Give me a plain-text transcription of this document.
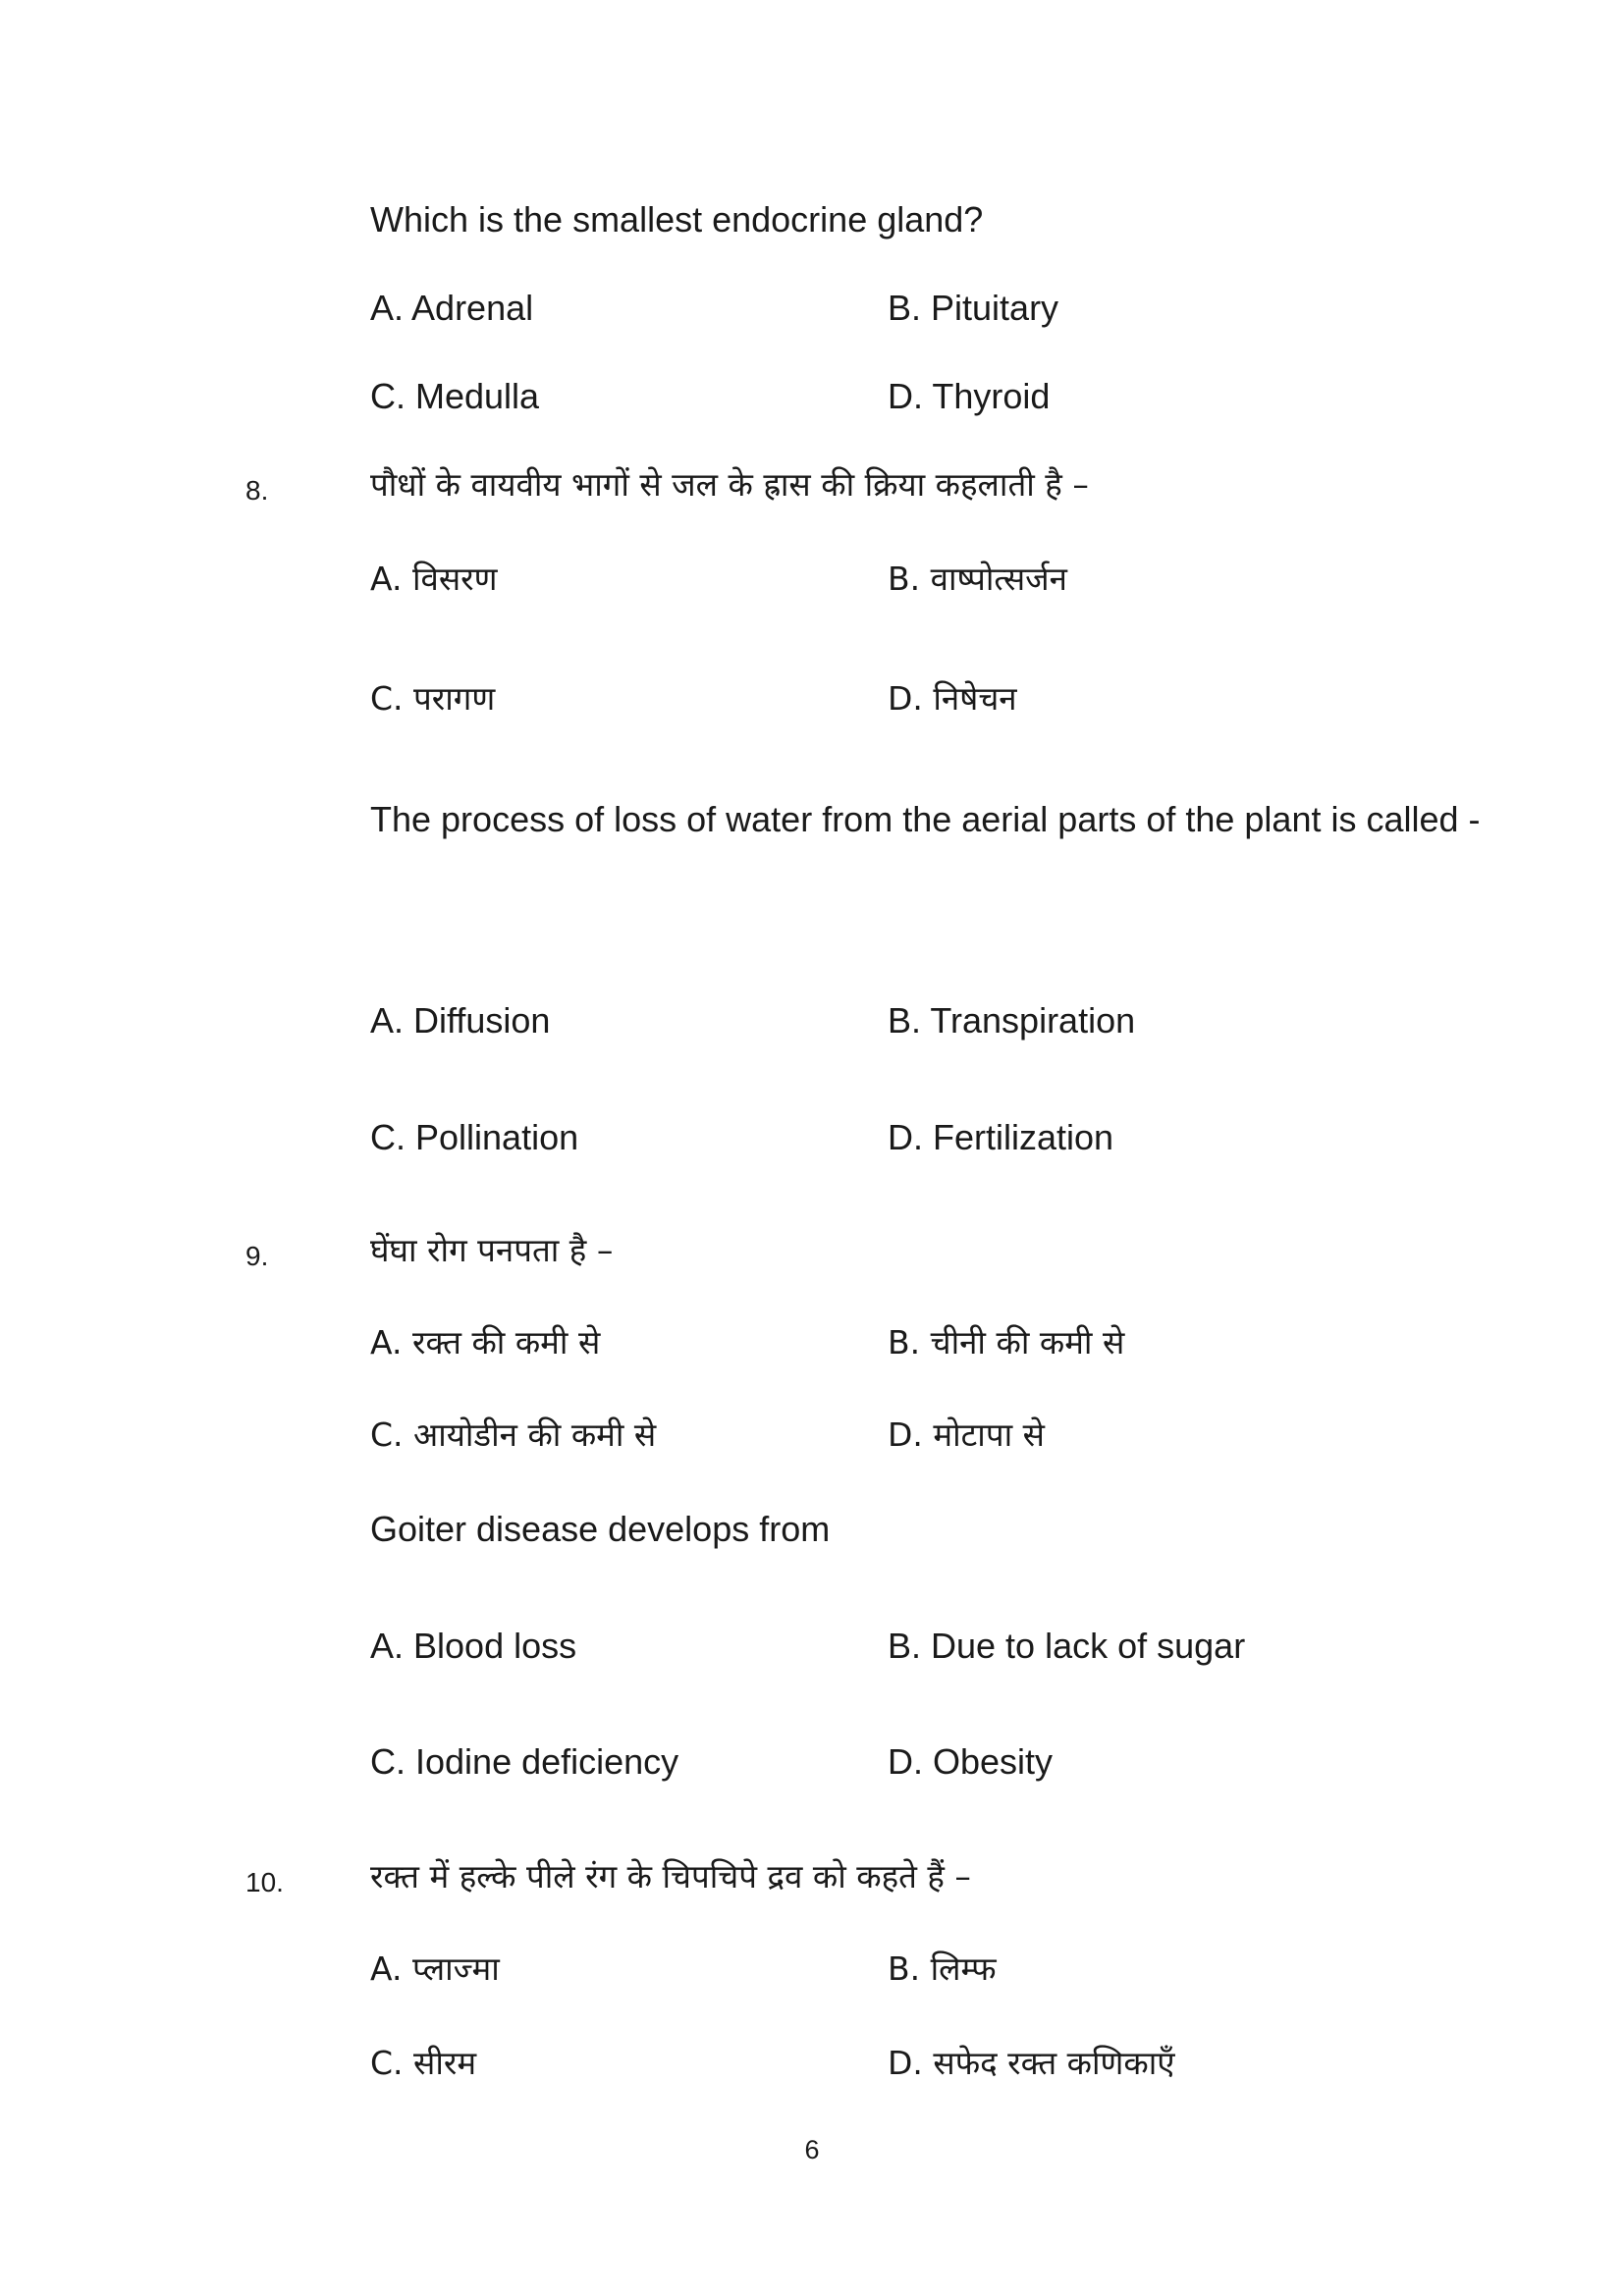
Which is the smallest endocrine gland?
A. Adrenal	B. Pituitary
C. Medulla	D. Thyroid
8.	पौधों के वायवीय भागों से जल के ह्रास की क्रिया कहलाती है –
A. विसरण	B. वाष्पोत्सर्जन
C. परागण	D. निषेचन
The process of loss of water from the aerial parts of the plant is called -
A. Diffusion	B. Transpiration
C. Pollination	D. Fertilization
9.	घेंघा रोग पनपता है –
A. रक्त की कमी से	B. चीनी की कमी से
C. आयोडीन की कमी से	D. मोटापा से
Goiter disease develops from
A. Blood loss	B. Due to lack of sugar
C. Iodine deficiency	D. Obesity
10.	रक्त में हल्के पीले रंग के चिपचिपे द्रव को कहते हैं –
A. प्लाज्मा	B. लिम्फ
C. सीरम	D. सफेद रक्त कणिकाएँ
6
